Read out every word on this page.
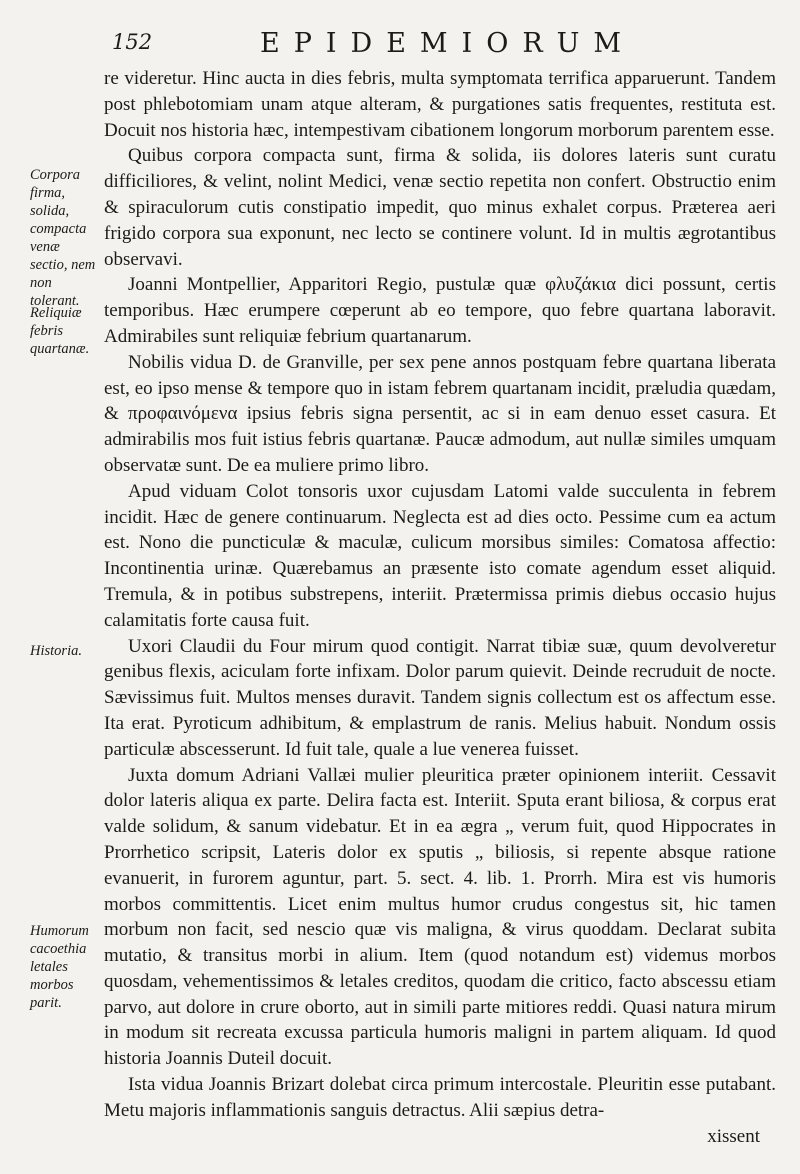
152	EPIDEMIORUM

re videretur. Hinc aucta in dies febris, multa symptomata terrifica apparuerunt. Tandem post phlebotomiam unam atque alteram, & purgationes satis frequentes, restituta est. Docuit nos historia hæc, intempestivam cibationem longorum morborum parentem esse.

Quibus corpora compacta sunt, firma & solida, iis dolores lateris sunt curatu difficiliores, & velint, nolint Medici, venæ sectio repetita non confert. Obstructio enim & spiraculorum cutis constipatio impedit, quo minus exhalet corpus. Præterea aeri frigido corpora sua exponunt, nec lecto se continere volunt. Id in multis ægrotantibus observavi.

Joanni Montpellier, Apparitori Regio, pustulæ quæ φλυζάκια dici possunt, certis temporibus. Hæc erumpere cœperunt ab eo tempore, quo febre quartana laboravit. Admirabiles sunt reliquiæ febrium quartanarum.

Nobilis vidua D. de Granville, per sex pene annos postquam febre quartana liberata est, eo ipso mense & tempore quo in istam febrem quartanam incidit, præludia quædam, & προφαινόμενα ipsius febris signa persentit, ac si in eam denuo esset casura. Et admirabilis mos fuit istius febris quartanæ. Paucæ admodum, aut nullæ similes umquam observatæ sunt. De ea muliere primo libro.

Apud viduam Colot tonsoris uxor cujusdam Latomi valde succulenta in febrem incidit. Hæc de genere continuarum. Neglecta est ad dies octo. Pessime cum ea actum est. Nono die puncticulæ & maculæ, culicum morsibus similes: Comatosa affectio: Incontinentia urinæ. Quærebamus an præsente isto comate agendum esset aliquid. Tremula, & in potibus substrepens, interiit. Prætermissa primis diebus occasio hujus calamitatis forte causa fuit.

Uxori Claudii du Four mirum quod contigit. Narrat tibiæ suæ, quum devolveretur genibus flexis, aciculam forte infixam. Dolor parum quievit. Deinde recruduit de nocte. Sævissimus fuit. Multos menses duravit. Tandem signis collectum est os affectum esse. Ita erat. Pyroticum adhibitum, & emplastrum de ranis. Melius habuit. Nondum ossis particulæ abscesserunt. Id fuit tale, quale a lue venerea fuisset.

Juxta domum Adriani Vallæi mulier pleuritica præter opinionem interiit. Cessavit dolor lateris aliqua ex parte. Delira facta est. Interiit. Sputa erant biliosa, & corpus erat valde solidum, & sanum videbatur. Et in ea ægra „ verum fuit, quod Hippocrates in Prorrhetico scripsit, Lateris dolor ex sputis „ biliosis, si repente absque ratione evanuerit, in furorem aguntur, part. 5. sect. 4. lib. 1. Prorrh. Mira est vis humoris morbos committentis. Licet enim multus humor crudus congestus sit, hic tamen morbum non facit, sed nescio quæ vis maligna, & virus quoddam. Declarat subita mutatio, & transitus morbi in alium. Item (quod notandum est) videmus morbos quosdam, vehementissimos & letales creditos, quodam die critico, facto abscessu etiam parvo, aut dolore in crure oborto, aut in simili parte mitiores reddi. Quasi natura mirum in modum sit recreata excussa particula humoris maligni in partem aliquam. Id quod historia Joannis Duteil docuit.

Ista vidua Joannis Brizart dolebat circa primum intercostale. Pleuritin esse putabant. Metu majoris inflammationis sanguis detractus. Alii sæpius detra-

Corpora firma, solida, compacta venæ sectio, nem non tolerant.
Reliquiæ febris quartanæ.
Historia.
Humorum cacoethia letales morbos parit.
xissent
